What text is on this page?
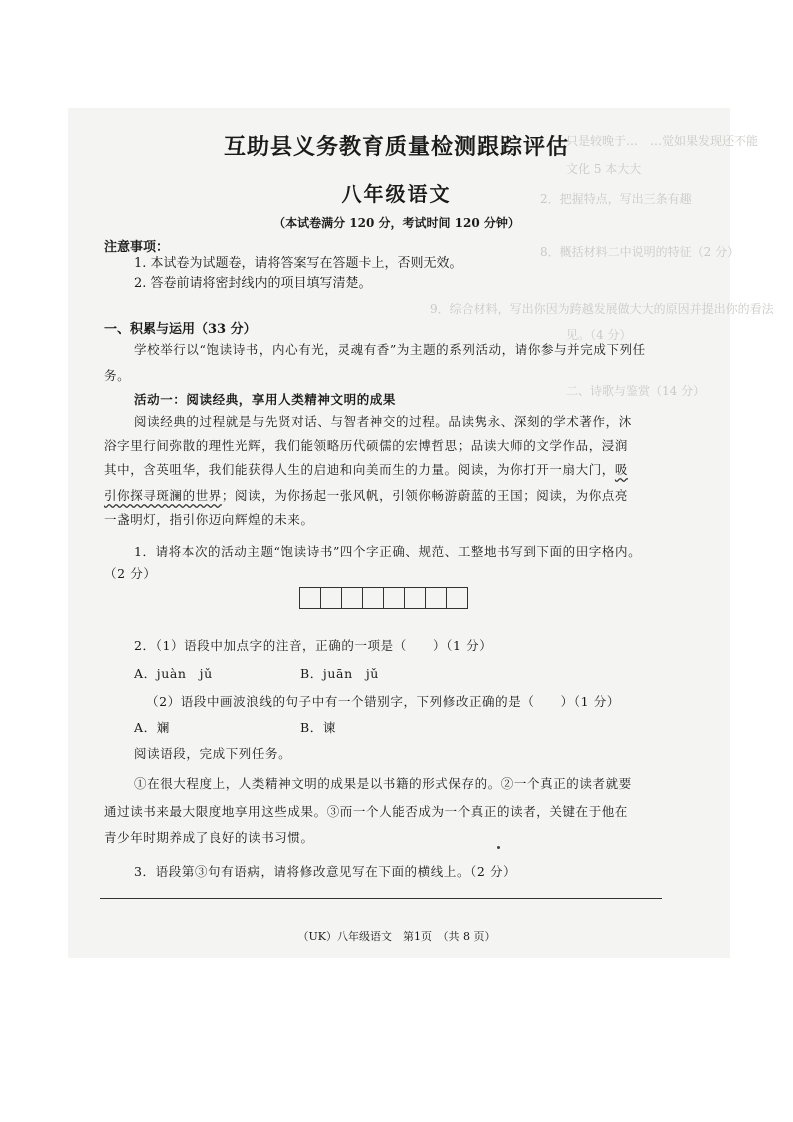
只是较晚于…　…觉如果发现还不能
文化 5 本大大
2．把握特点，写出三条有趣
8．概括材料二中说明的特征（2 分）
9．综合材料，写出你因为跨越发展做大大的原因并提出你的看法
见。（4 分）
二、诗歌与鉴赏（14 分）
互助县义务教育质量检测跟踪评估
八年级语文
（本试卷满分 120 分，考试时间 120 分钟）
注意事项：
1. 本试卷为试题卷，请将答案写在答题卡上，否则无效。
2. 答卷前请将密封线内的项目填写清楚。
一、积累与运用（33 分）
学校举行以“饱读诗书，内心有光，灵魂有香”为主题的系列活动，请你参与并完成下列任
务。
活动一：阅读经典，享用人类精神文明的成果
阅读经典的过程就是与先贤对话、与智者神交的过程。品读隽永、深刻的学术著作，沐
浴字里行间弥散的理性光辉，我们能领略历代硕儒的宏博哲思；品读大师的文学作品，浸润
其中，含英咀华，我们能获得人生的启迪和向美而生的力量。阅读，为你打开一扇大门，吸
引你探寻斑澜的世界；阅读，为你扬起一张风帆，引领你畅游蔚蓝的王国；阅读，为你点亮
一盏明灯，指引你迈向辉煌的未来。
1．请将本次的活动主题“饱读诗书”四个字正确、规范、工整地书写到下面的田字格内。
（2 分）
2．（1）语段中加点字的注音，正确的一项是（　　）（1 分）
A．juàn　jǔ	B．juān　jǔ
（2）语段中画波浪线的句子中有一个错别字，下列修改正确的是（　　）（1 分）
A．斓	B．谏
阅读语段，完成下列任务。
①在很大程度上，人类精神文明的成果是以书籍的形式保存的。②一个真正的读者就要
通过读书来最大限度地享用这些成果。③而一个人能否成为一个真正的读者，关键在于他在
青少年时期养成了良好的读书习惯。
3．语段第③句有语病，请将修改意见写在下面的横线上。（2 分）
（UK）八年级语文　第1页　（共 8 页）
